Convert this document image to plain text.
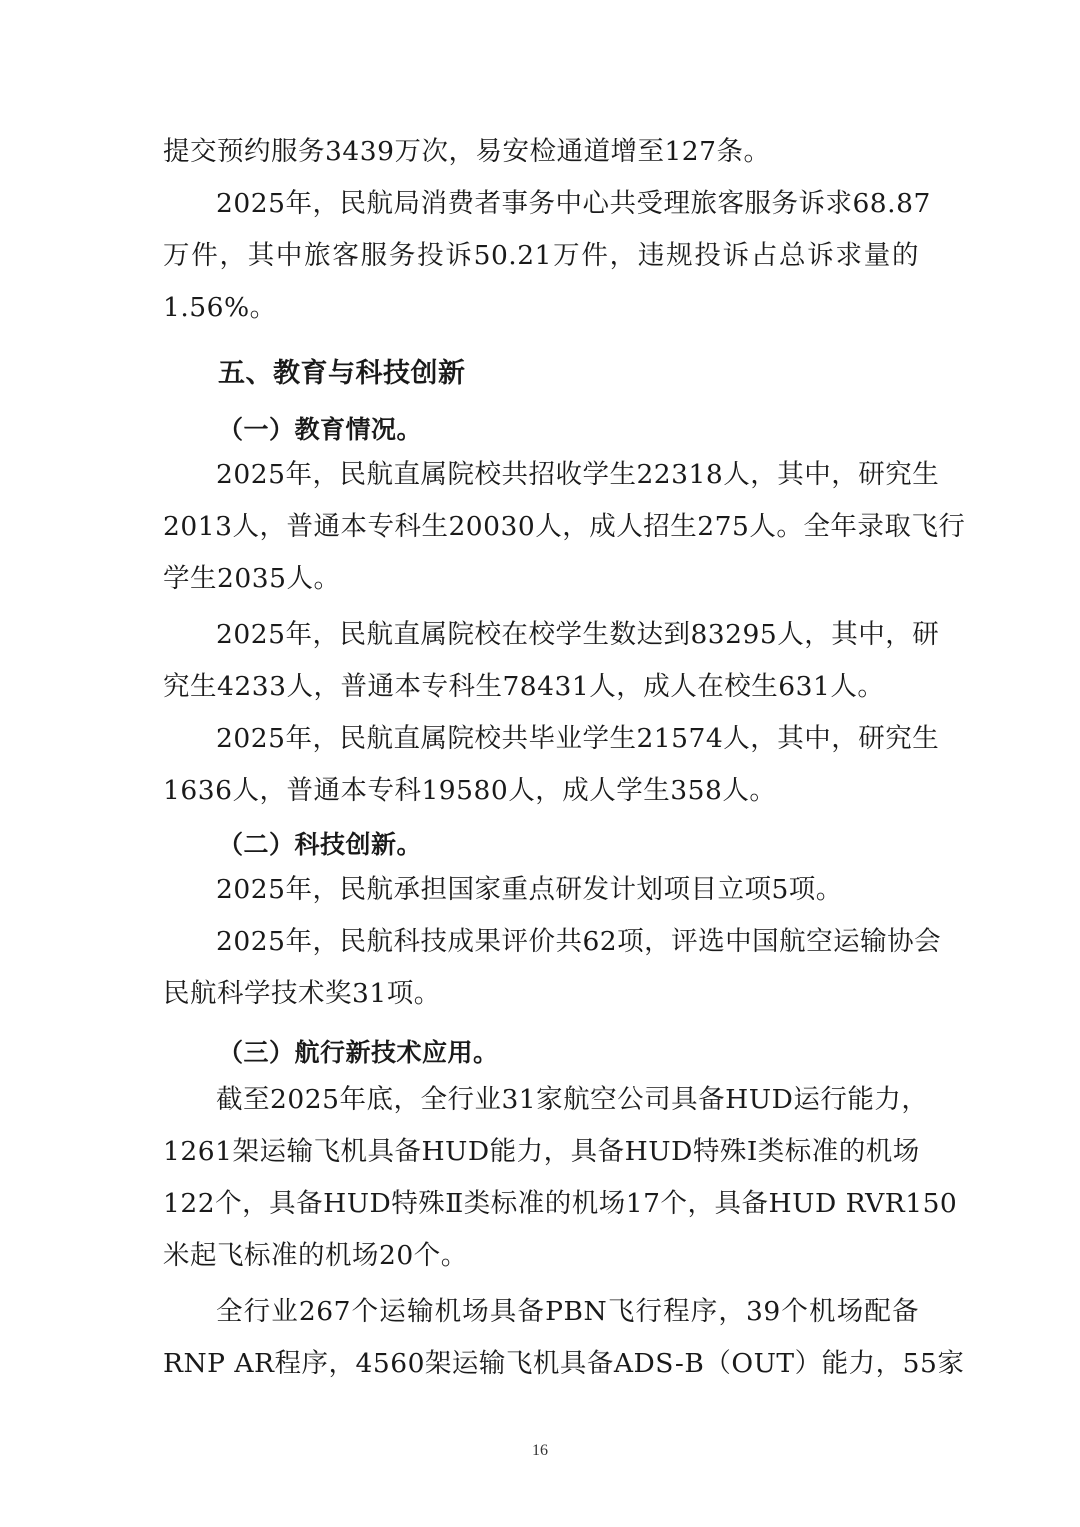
提交预约服务3439万次，易安检通道增至127条。
2025年，民航局消费者事务中心共受理旅客服务诉求68.87
万件，其中旅客服务投诉50.21万件，违规投诉占总诉求量的
1.56%。
五、教育与科技创新
（一）教育情况。
2025年，民航直属院校共招收学生22318人，其中，研究生
2013人，普通本专科生20030人，成人招生275人。全年录取飞行
学生2035人。
2025年，民航直属院校在校学生数达到83295人，其中，研
究生4233人，普通本专科生78431人，成人在校生631人。
2025年，民航直属院校共毕业学生21574人，其中，研究生
1636人，普通本专科19580人，成人学生358人。
（二）科技创新。
2025年，民航承担国家重点研发计划项目立项5项。
2025年，民航科技成果评价共62项，评选中国航空运输协会
民航科学技术奖31项。
（三）航行新技术应用。
截至2025年底，全行业31家航空公司具备HUD运行能力，
1261架运输飞机具备HUD能力，具备HUD特殊Ⅰ类标准的机场
122个，具备HUD特殊Ⅱ类标准的机场17个，具备HUD RVR150
米起飞标准的机场20个。
全行业267个运输机场具备PBN飞行程序，39个机场配备
RNP AR程序，4560架运输飞机具备ADS-B（OUT）能力，55家
16
